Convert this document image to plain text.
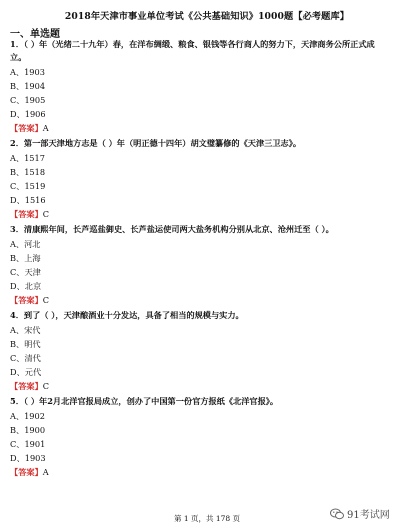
2018年天津市事业单位考试《公共基础知识》1000题【必考题库】
一、单选题
1．（ ）年（光绪二十九年）春，在洋布绸缎、粮食、银钱等各行商人的努力下，天津商务公所正式成
立。
A、1903
B、1904
C、1905
D、1906
【答案】A
2．第一部天津地方志是（ ）年（明正德十四年）胡文璧纂修的《天津三卫志》。
A、1517
B、1518
C、1519
D、1516
【答案】C
3．清康熙年间，长芦巡盐御史、长芦盐运使司两大盐务机构分别从北京、沧州迁至（ ）。
A、河北
B、上海
C、天津
D、北京
【答案】C
4．到了（ ），天津酿酒业十分发达，具备了相当的规模与实力。
A、宋代
B、明代
C、清代
D、元代
【答案】C
5．（ ）年2月北洋官报局成立，创办了中国第一份官方报纸《北洋官报》。
A、1902
B、1900
C、1901
D、1903
【答案】A
第 1 页，共 178 页	91考试网
